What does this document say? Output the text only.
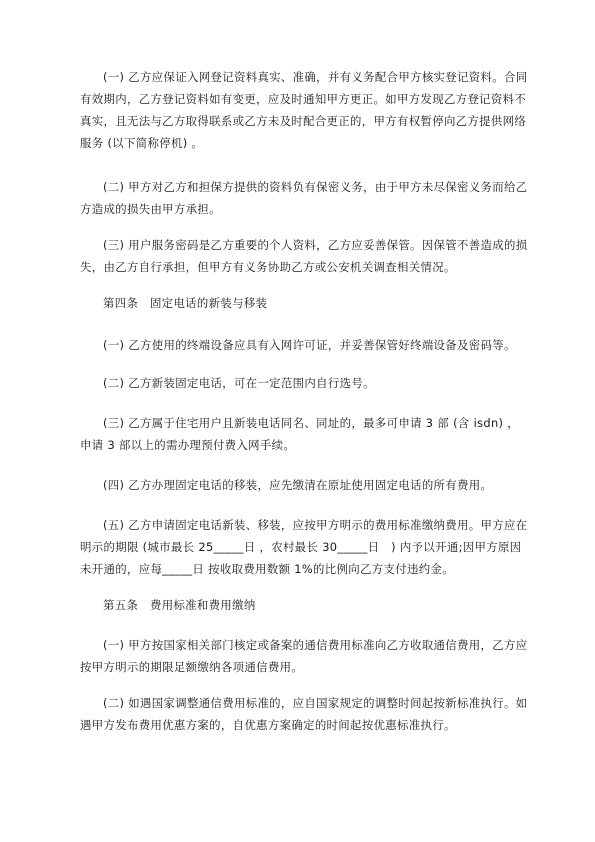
(一) 乙方应保证入网登记资料真实、准确，并有义务配合甲方核实登记资料。合同有效期内，乙方登记资料如有变更，应及时通知甲方更正。如甲方发现乙方登记资料不真实，且无法与乙方取得联系或乙方未及时配合更正的，甲方有权暂停向乙方提供网络服务 (以下简称停机) 。

(二) 甲方对乙方和担保方提供的资料负有保密义务，由于甲方未尽保密义务而给乙方造成的损失由甲方承担。

(三) 用户服务密码是乙方重要的个人资料，乙方应妥善保管。因保管不善造成的损失，由乙方自行承担，但甲方有义务协助乙方或公安机关调查相关情况。

第四条　固定电话的新装与移装

(一) 乙方使用的终端设备应具有入网许可证，并妥善保管好终端设备及密码等。

(二) 乙方新装固定电话，可在一定范围内自行选号。

(三) 乙方属于住宅用户且新装电话同名、同址的，最多可申请 3 部 (含 isdn) ，申请 3 部以上的需办理预付费入网手续。

(四) 乙方办理固定电话的移装，应先缴清在原址使用固定电话的所有费用。

(五) 乙方申请固定电话新装、移装，应按甲方明示的费用标准缴纳费用。甲方应在明示的期限 (城市最长 25_____日 ，农村最长 30_____日　) 内予以开通;因甲方原因未开通的，应每_____日 按收取费用数额 1%的比例向乙方支付违约金。

第五条　费用标准和费用缴纳

(一) 甲方按国家相关部门核定或备案的通信费用标准向乙方收取通信费用，乙方应按甲方明示的期限足额缴纳各项通信费用。

(二) 如遇国家调整通信费用标准的，应自国家规定的调整时间起按新标准执行。如遇甲方发布费用优惠方案的，自优惠方案确定的时间起按优惠标准执行。
